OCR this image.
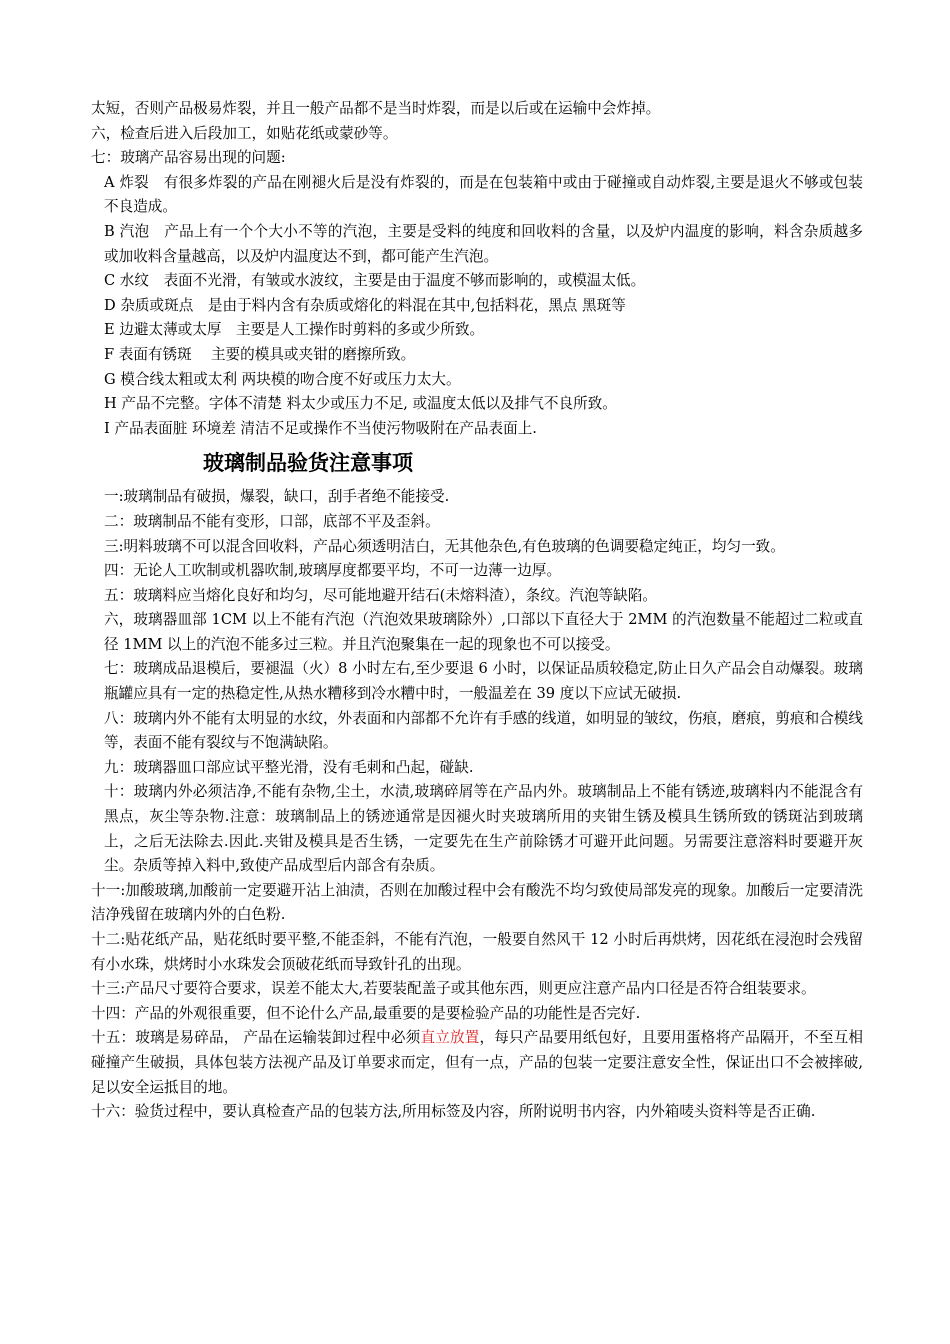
太短，否则产品极易炸裂，并且一般产品都不是当时炸裂，而是以后或在运输中会炸掉。

六，检查后进入后段加工，如贴花纸或蒙砂等。

七：玻璃产品容易出现的问题:

A 炸裂　有很多炸裂的产品在刚褪火后是没有炸裂的，而是在包装箱中或由于碰撞或自动炸裂,主要是退火不够或包装不良造成。

B 汽泡　产品上有一个个大小不等的汽泡，主要是受料的纯度和回收料的含量，以及炉内温度的影响，料含杂质越多或加收料含量越高，以及炉内温度达不到，都可能产生汽泡。

C 水纹　表面不光滑，有皱或水波纹，主要是由于温度不够而影响的，或模温太低。

D 杂质或斑点　是由于料内含有杂质或熔化的料混在其中,包括料花，黑点 黑斑等

E 边避太薄或太厚　主要是人工操作时剪料的多或少所致。

F 表面有锈斑　 主要的模具或夹钳的磨擦所致。

G 模合线太粗或太利 两块模的吻合度不好或压力太大。

H 产品不完整。字体不清楚 料太少或压力不足, 或温度太低以及排气不良所致。

I 产品表面脏 环境差 清洁不足或操作不当使污物吸附在产品表面上.

玻璃制品验货注意事项

一:玻璃制品有破损，爆裂，缺口，刮手者绝不能接受.

二：玻璃制品不能有变形，口部，底部不平及歪斜。

三:明料玻璃不可以混含回收料，产品心须透明洁白，无其他杂色,有色玻璃的色调要稳定纯正，均匀一致。

四：无论人工吹制或机器吹制,玻璃厚度都要平均，不可一边薄一边厚。

五：玻璃料应当熔化良好和均匀，尽可能地避开结石(未熔料渣），条纹。汽泡等缺陷。

六，玻璃器皿部 1CM 以上不能有汽泡（汽泡效果玻璃除外）,口部以下直径大于 2MM 的汽泡数量不能超过二粒或直径 1MM 以上的汽泡不能多过三粒。并且汽泡聚集在一起的现象也不可以接受。

七：玻璃成品退模后，要褪温（火）8 小时左右,至少要退 6 小时，以保证品质较稳定,防止日久产品会自动爆裂。玻璃瓶罐应具有一定的热稳定性,从热水糟移到冷水糟中时，一般温差在 39 度以下应试无破损.

八：玻璃内外不能有太明显的水纹，外表面和内部都不允许有手感的线道，如明显的皱纹，伤痕，磨痕，剪痕和合模线等，表面不能有裂纹与不饱满缺陷。

九：玻璃器皿口部应试平整光滑，没有毛刺和凸起，碰缺.

十：玻璃内外必须洁净,不能有杂物,尘土，水渍,玻璃碎屑等在产品内外。玻璃制品上不能有锈迹,玻璃料内不能混含有黑点，灰尘等杂物.注意：玻璃制品上的锈迹通常是因褪火时夹玻璃所用的夹钳生锈及模具生锈所致的锈斑沾到玻璃上，之后无法除去.因此.夹钳及模具是否生锈，一定要先在生产前除锈才可避开此问题。另需要注意溶料时要避开灰尘。杂质等掉入料中,致使产品成型后内部含有杂质。

十一:加酸玻璃,加酸前一定要避开沾上油渍，否则在加酸过程中会有酸洗不均匀致使局部发亮的现象。加酸后一定要清洗洁净残留在玻璃内外的白色粉.

十二:贴花纸产品，贴花纸时要平整,不能歪斜，不能有汽泡，一般要自然风干 12 小时后再烘烤，因花纸在浸泡时会残留有小水珠，烘烤时小水珠发会顶破花纸而导致针孔的出现。

十三:产品尺寸要符合要求，误差不能太大,若要装配盖子或其他东西，则更应注意产品内口径是否符合组装要求。

十四：产品的外观很重要，但不论什么产品,最重要的是要检验产品的功能性是否完好.

十五：玻璃是易碎品， 产品在运输装卸过程中必须直立放置，每只产品要用纸包好，且要用蛋格将产品隔开，不至互相碰撞产生破损，具体包装方法视产品及订单要求而定，但有一点，产品的包装一定要注意安全性，保证出口不会被摔破,足以安全运抵目的地。

十六：验货过程中，要认真检查产品的包装方法,所用标签及内容，所附说明书内容，内外箱唛头资料等是否正确.
